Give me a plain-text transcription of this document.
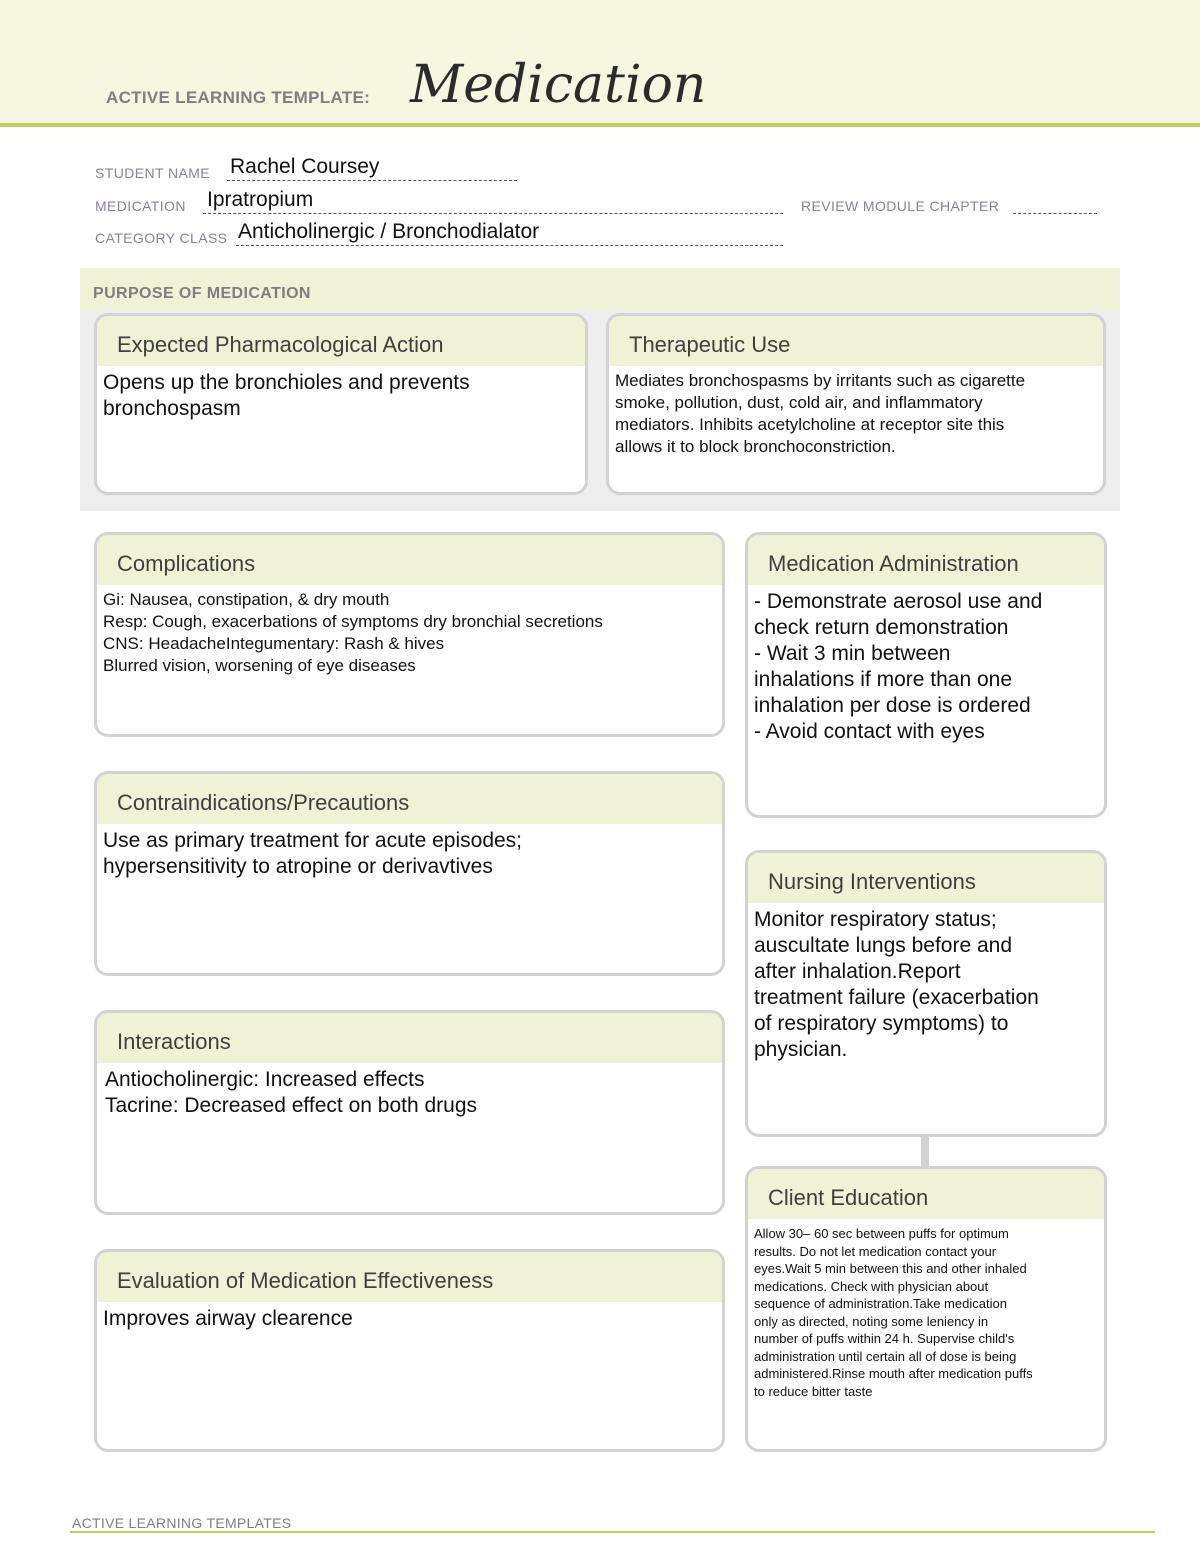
ACTIVE LEARNING TEMPLATE: Medication
STUDENT NAME Rachel Coursey
MEDICATION Ipratropium	REVIEW MODULE CHAPTER
CATEGORY CLASS Anticholinergic / Bronchodialator
PURPOSE OF MEDICATION
Expected Pharmacological Action
Opens up the bronchioles and prevents
bronchospasm
Therapeutic Use
Mediates bronchospasms by irritants such as cigarette
smoke, pollution, dust, cold air, and inflammatory
mediators. Inhibits acetylcholine at receptor site this
allows it to block bronchoconstriction.
Complications
Gi: Nausea, constipation, & dry mouth
Resp: Cough, exacerbations of symptoms dry bronchial secretions
CNS: HeadacheIntegumentary: Rash & hives
Blurred vision, worsening of eye diseases
Contraindications/Precautions
Use as primary treatment for acute episodes;
hypersensitivity to atropine or derivavtives
Interactions
Antiocholinergic: Increased effects
Tacrine: Decreased effect on both drugs
Evaluation of Medication Effectiveness
Improves airway clearence
Medication Administration
- Demonstrate aerosol use and
check return demonstration
- Wait 3 min between
inhalations if more than one
inhalation per dose is ordered
- Avoid contact with eyes
Nursing Interventions
Monitor respiratory status;
auscultate lungs before and
after inhalation.Report
treatment failure (exacerbation
of respiratory symptoms) to
physician.
Client Education
Allow 30– 60 sec between puffs for optimum
results. Do not let medication contact your
eyes.Wait 5 min between this and other inhaled
medications. Check with physician about
sequence of administration.Take medication
only as directed, noting some leniency in
number of puffs within 24 h. Supervise child's
administration until certain all of dose is being
administered.Rinse mouth after medication puffs
to reduce bitter taste
ACTIVE LEARNING TEMPLATES
